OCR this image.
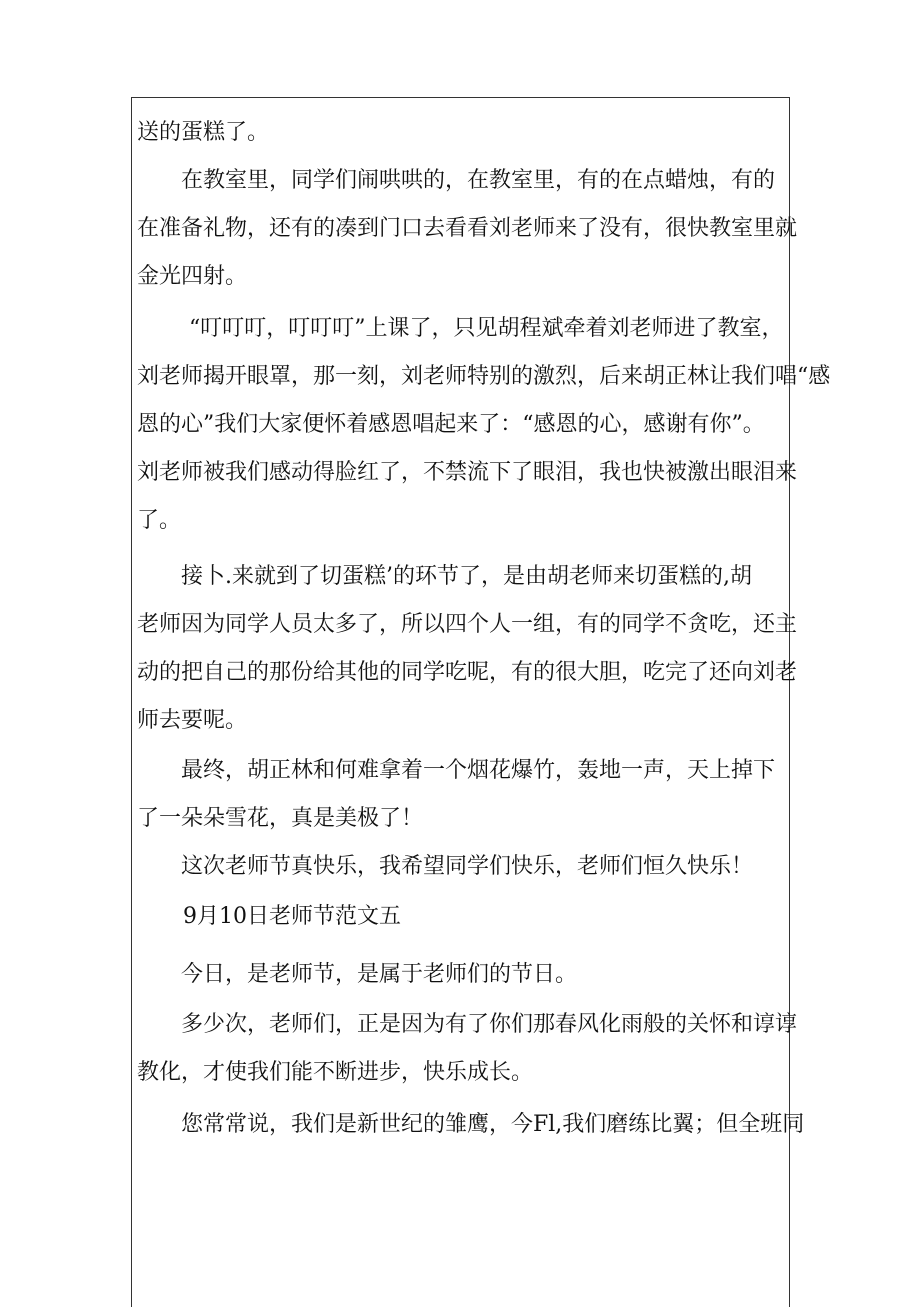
送的蛋糕了。
在教室里，同学们闹哄哄的，在教室里，有的在点蜡烛，有的
在准备礼物，还有的凑到门口去看看刘老师来了没有，很快教室里就
金光四射。
“叮叮叮，叮叮叮”上课了，只见胡程斌牵着刘老师进了教室，
刘老师揭开眼罩，那一刻，刘老师特别的激烈，后来胡正林让我们唱“感
恩的心”我们大家便怀着感恩唱起来了：“感恩的心，感谢有你”。
刘老师被我们感动得脸红了，不禁流下了眼泪，我也快被激出眼泪来
了。
接卜.来就到了切蛋糕’的环节了，是由胡老师来切蛋糕的,胡
老师因为同学人员太多了，所以四个人一组，有的同学不贪吃，还主
动的把自己的那份给其他的同学吃呢，有的很大胆，吃完了还向刘老
师去要呢。
最终，胡正林和何难拿着一个烟花爆竹，轰地一声，天上掉下
了一朵朵雪花，真是美极了！
这次老师节真快乐，我希望同学们快乐，老师们恒久快乐！
9月10日老师节范文五
今日，是老师节，是属于老师们的节日。
多少次，老师们，正是因为有了你们那春风化雨般的关怀和谆谆
教化，才使我们能不断进步，快乐成长。
您常常说，我们是新世纪的雏鹰，今Fl,我们磨练比翼；但全班同
